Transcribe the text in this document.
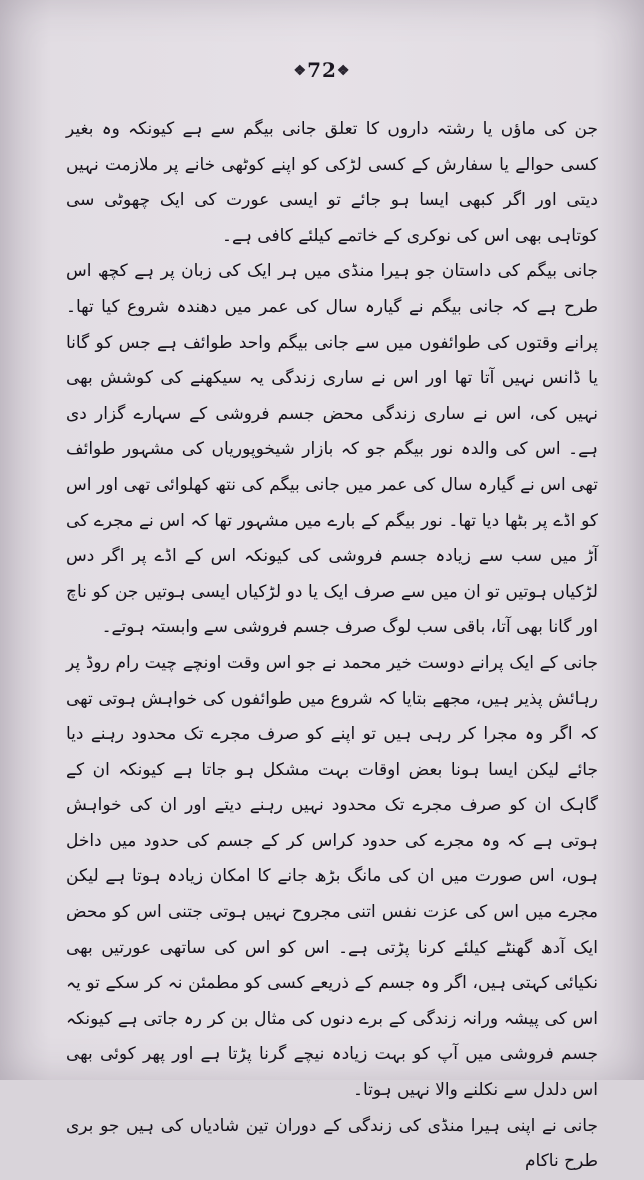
❖72❖

جن کی ماؤں یا رشتہ داروں کا تعلق جانی بیگم سے ہے کیونکہ وہ بغیر کسی حوالے یا سفارش کے کسی لڑکی کو اپنے کوٹھی خانے پر ملازمت نہیں دیتی اور اگر کبھی ایسا ہو جائے تو ایسی عورت کی ایک چھوٹی سی کوتاہی بھی اس کی نوکری کے خاتمے کیلئے کافی ہے۔

جانی بیگم کی داستان جو ہیرا منڈی میں ہر ایک کی زبان پر ہے کچھ اس طرح ہے کہ جانی بیگم نے گیارہ سال کی عمر میں دھندہ شروع کیا تھا۔ پرانے وقتوں کی طوائفوں میں سے جانی بیگم واحد طوائف ہے جس کو گانا یا ڈانس نہیں آتا تھا اور اس نے ساری زندگی یہ سیکھنے کی کوشش بھی نہیں کی، اس نے ساری زندگی محض جسم فروشی کے سہارے گزار دی ہے۔ اس کی والدہ نور بیگم جو کہ بازار شیخوپوریاں کی مشہور طوائف تھی اس نے گیارہ سال کی عمر میں جانی بیگم کی نتھ کھلوائی تھی اور اس کو اڈے پر بٹھا دیا تھا۔ نور بیگم کے بارے میں مشہور تھا کہ اس نے مجرے کی آڑ میں سب سے زیادہ جسم فروشی کی کیونکہ اس کے اڈے پر اگر دس لڑکیاں ہوتیں تو ان میں سے صرف ایک یا دو لڑکیاں ایسی ہوتیں جن کو ناچ اور گانا بھی آتا، باقی سب لوگ صرف جسم فروشی سے وابستہ ہوتے۔

جانی کے ایک پرانے دوست خیر محمد نے جو اس وقت اونچے چیت رام روڈ پر رہائش پذیر ہیں، مجھے بتایا کہ شروع میں طوائفوں کی خواہش ہوتی تھی کہ اگر وہ مجرا کر رہی ہیں تو اپنے کو صرف مجرے تک محدود رہنے دیا جائے لیکن ایسا ہونا بعض اوقات بہت مشکل ہو جاتا ہے کیونکہ ان کے گاہک ان کو صرف مجرے تک محدود نہیں رہنے دیتے اور ان کی خواہش ہوتی ہے کہ وہ مجرے کی حدود کراس کر کے جسم کی حدود میں داخل ہوں، اس صورت میں ان کی مانگ بڑھ جانے کا امکان زیادہ ہوتا ہے لیکن مجرے میں اس کی عزت نفس اتنی مجروح نہیں ہوتی جتنی اس کو محض ایک آدھ گھنٹے کیلئے کرنا پڑتی ہے۔ اس کو اس کی ساتھی عورتیں بھی نکیائی کہتی ہیں، اگر وہ جسم کے ذریعے کسی کو مطمئن نہ کر سکے تو یہ اس کی پیشہ ورانہ زندگی کے برے دنوں کی مثال بن کر رہ جاتی ہے کیونکہ جسم فروشی میں آپ کو بہت زیادہ نیچے گرنا پڑتا ہے اور پھر کوئی بھی اس دلدل سے نکلنے والا نہیں ہوتا۔

جانی نے اپنی ہیرا منڈی کی زندگی کے دوران تین شادیاں کی ہیں جو بری طرح ناکام
